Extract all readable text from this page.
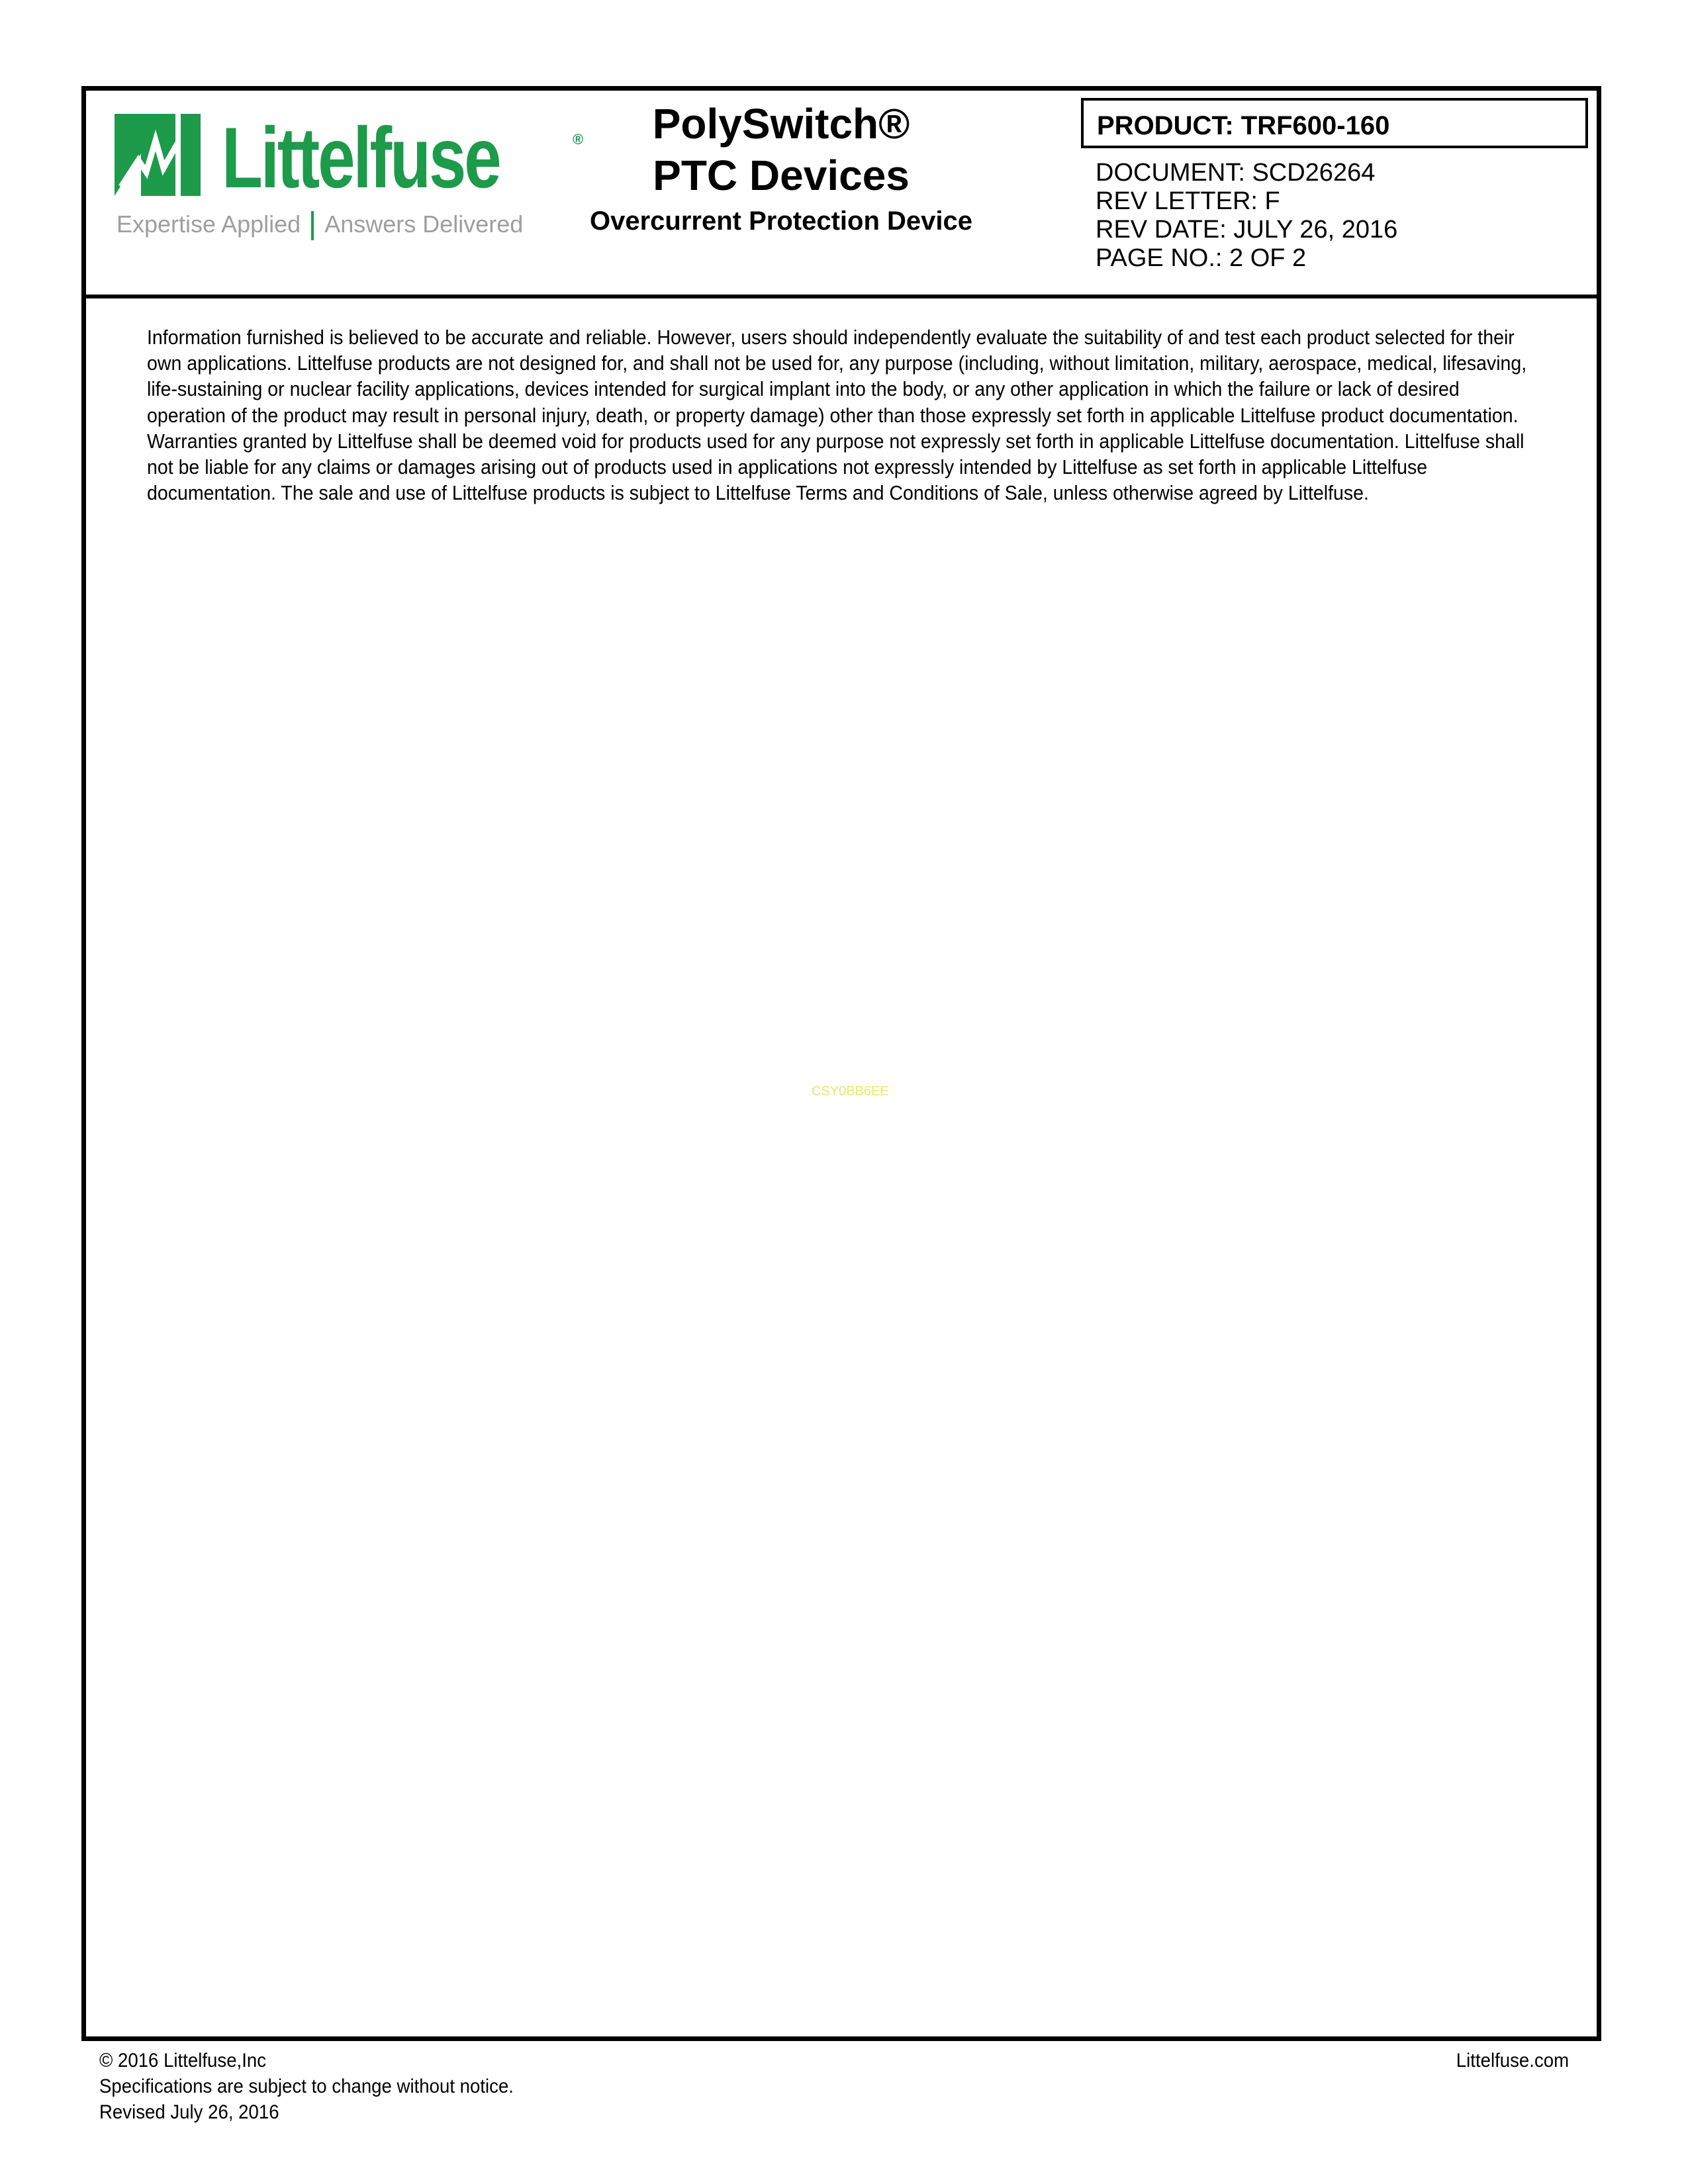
Littelfuse	®
Expertise Applied Answers Delivered
PolySwitch®
PTC Devices
Overcurrent Protection Device
PRODUCT: TRF600-160
DOCUMENT: SCD26264
REV LETTER: F
REV DATE: JULY 26, 2016
PAGE NO.: 2 OF 2
Information furnished is believed to be accurate and reliable. However, users should independently evaluate the suitability of and test each product selected for their
own applications. Littelfuse products are not designed for, and shall not be used for, any purpose (including, without limitation, military, aerospace, medical, lifesaving,
life-sustaining or nuclear facility applications, devices intended for surgical implant into the body, or any other application in which the failure or lack of desired
operation of the product may result in personal injury, death, or property damage) other than those expressly set forth in applicable Littelfuse product documentation.
Warranties granted by Littelfuse shall be deemed void for products used for any purpose not expressly set forth in applicable Littelfuse documentation. Littelfuse shall
not be liable for any claims or damages arising out of products used in applications not expressly intended by Littelfuse as set forth in applicable Littelfuse
documentation. The sale and use of Littelfuse products is subject to Littelfuse Terms and Conditions of Sale, unless otherwise agreed by Littelfuse.
CSY0BB6EE
© 2016 Littelfuse,Inc
Specifications are subject to change without notice.
Revised July 26, 2016
Littelfuse.com
